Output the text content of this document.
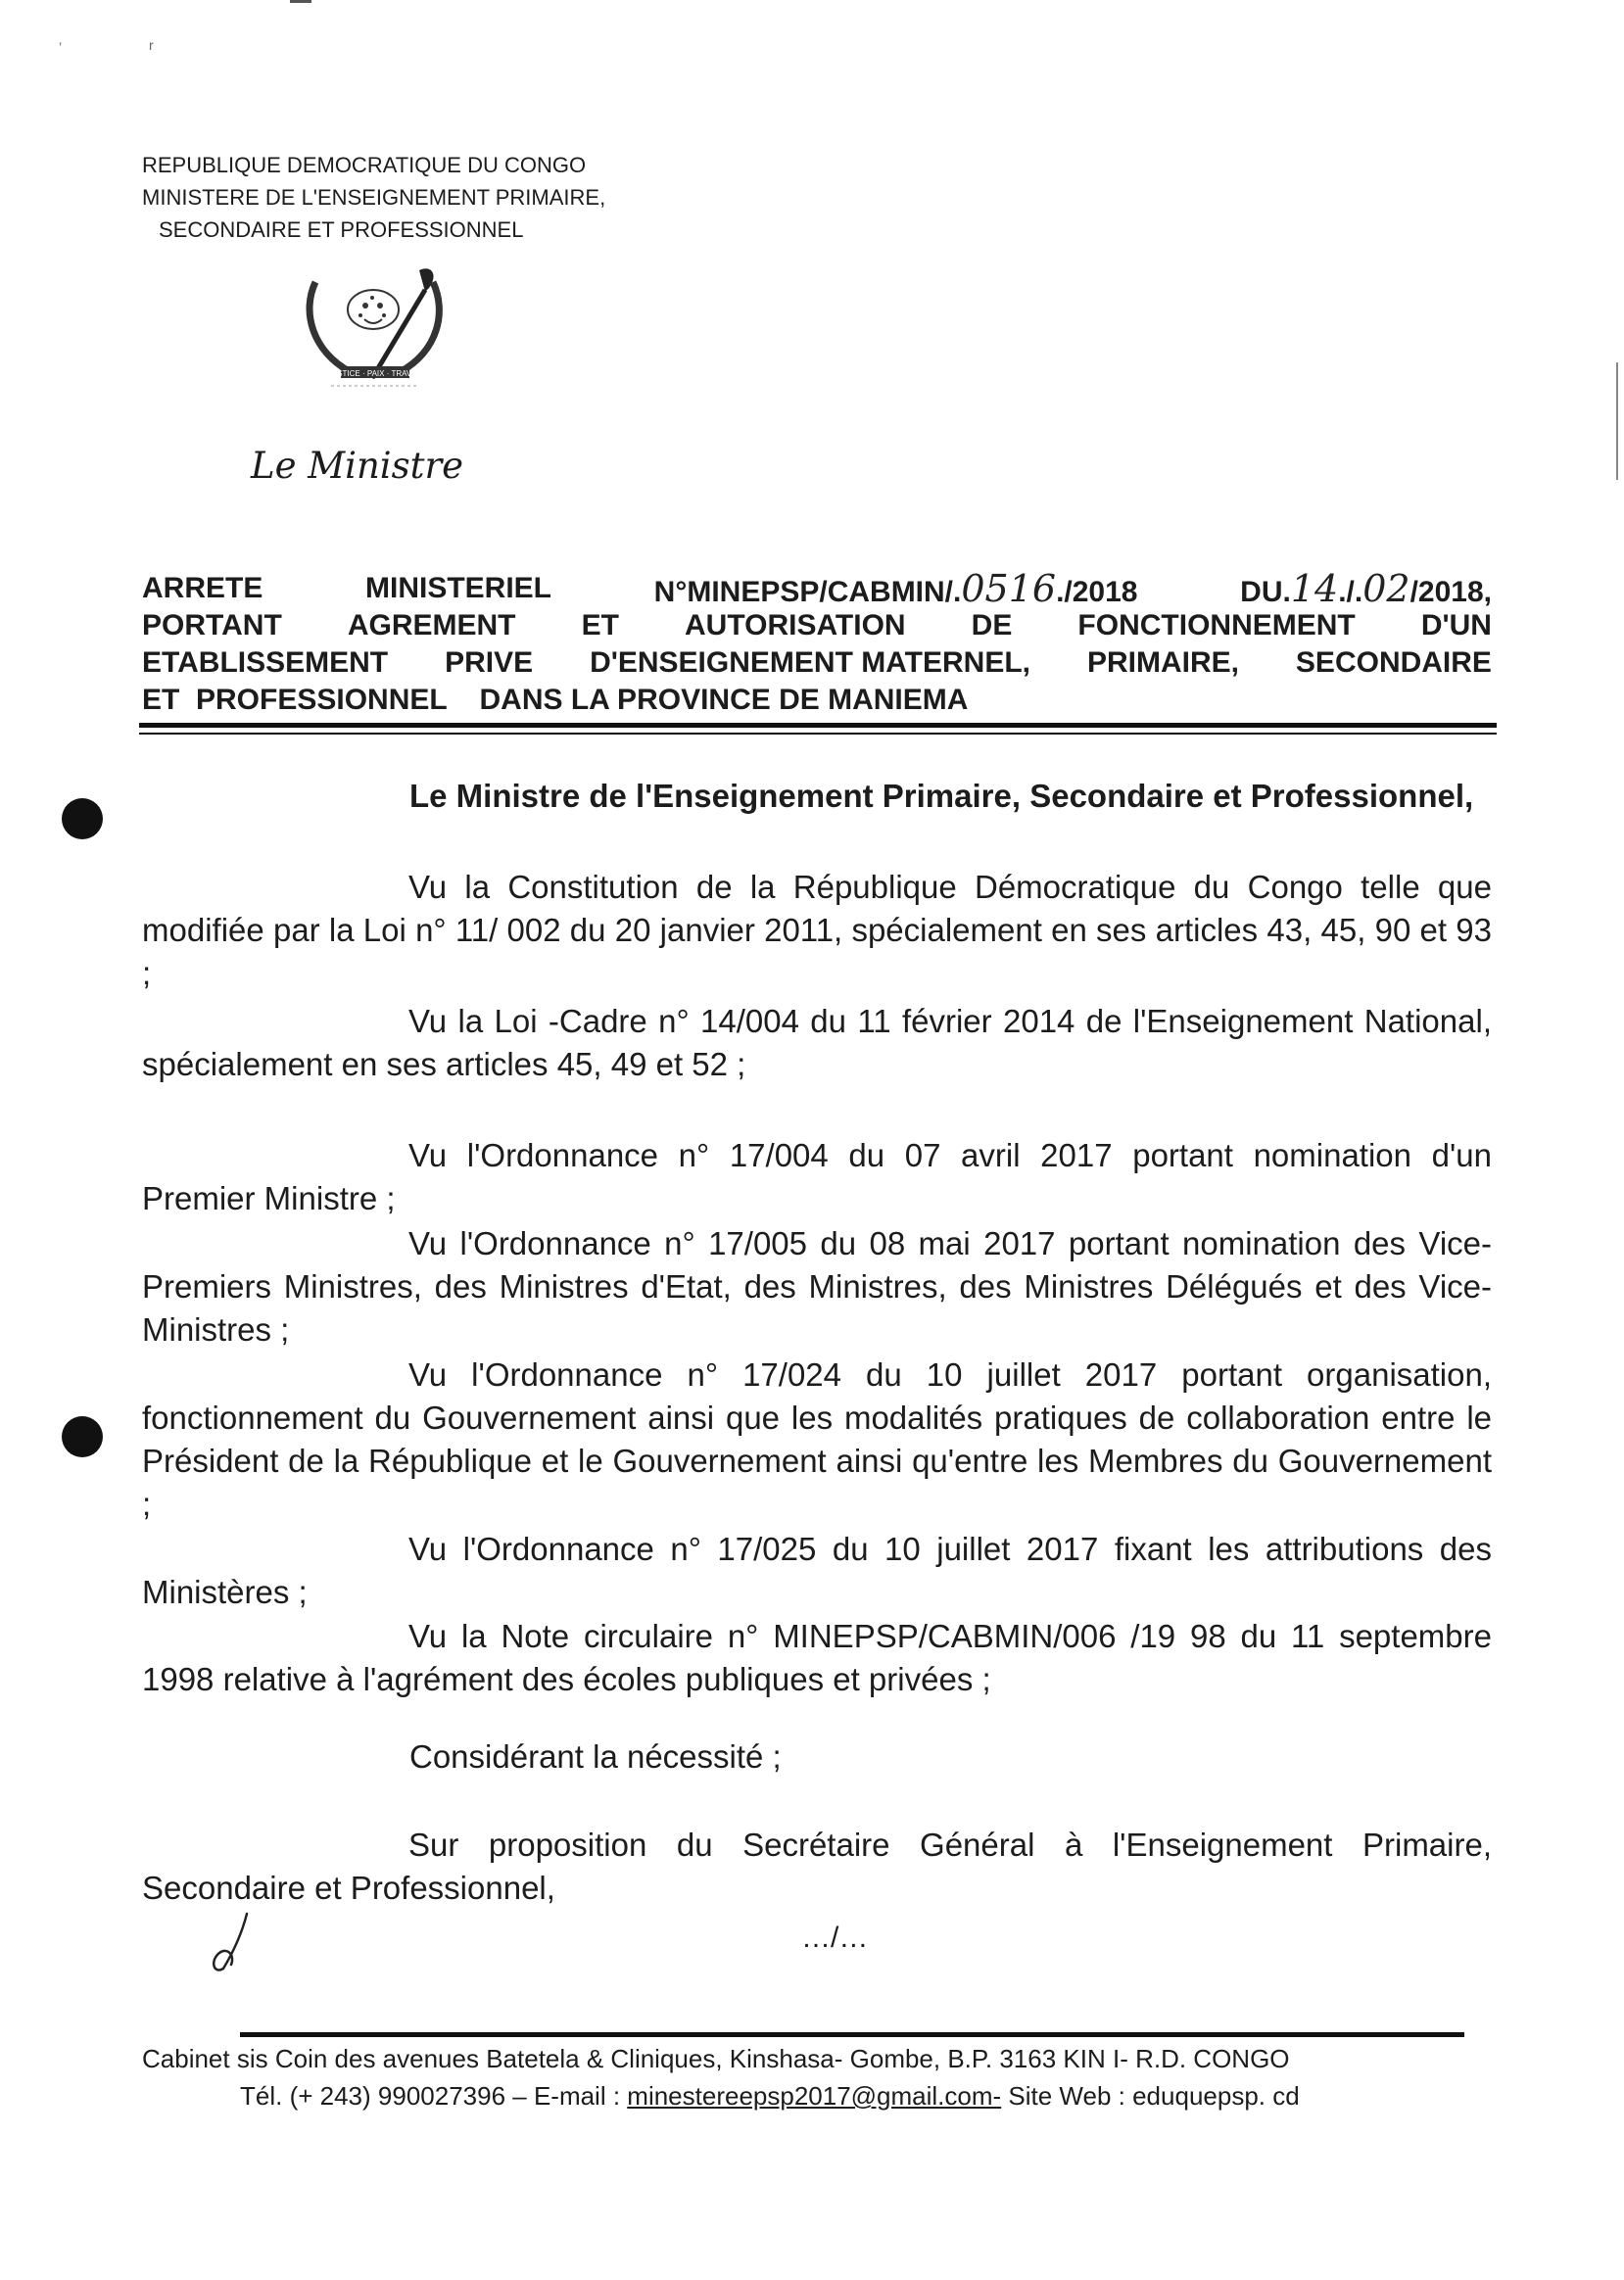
’	r
REPUBLIQUE DEMOCRATIQUE DU CONGO
MINISTERE DE L'ENSEIGNEMENT PRIMAIRE,
SECONDAIRE ET PROFESSIONNEL
JUSTICE · PAIX · TRAVAIL
Le Ministre
ARRETE	MINISTERIEL	N°MINEPSP/CABMIN/.0516./2018	DU.14./.02/2018,
PORTANT AGREMENT ET AUTORISATION DE FONCTIONNEMENT D'UN
ETABLISSEMENT PRIVE D'ENSEIGNEMENT MATERNEL, PRIMAIRE, SECONDAIRE
ET  PROFESSIONNEL    DANS LA PROVINCE DE MANIEMA
Le Ministre de l'Enseignement Primaire, Secondaire et Professionnel,

Vu la Constitution de la République Démocratique du Congo telle que modifiée par la Loi n° 11/ 002 du 20 janvier 2011, spécialement en ses articles 43, 45, 90 et 93 ;

Vu la Loi -Cadre n° 14/004 du 11 février 2014 de l'Enseignement National, spécialement en ses articles 45, 49 et 52 ;

Vu l'Ordonnance n° 17/004 du 07 avril 2017 portant nomination d'un Premier Ministre ;

Vu l'Ordonnance n° 17/005 du 08 mai 2017 portant nomination des Vice-Premiers Ministres, des Ministres d'Etat, des Ministres, des Ministres Délégués et des Vice-Ministres ;

Vu l'Ordonnance n° 17/024 du 10 juillet 2017 portant organisation, fonctionnement du Gouvernement ainsi que les modalités pratiques de collaboration entre le Président de la République et le Gouvernement ainsi qu'entre les Membres du Gouvernement ;

Vu l'Ordonnance n° 17/025 du 10 juillet 2017 fixant les attributions des Ministères ;

Vu la Note circulaire n° MINEPSP/CABMIN/006 /19 98 du 11 septembre 1998 relative à l'agrément des écoles publiques et privées ;

Considérant la nécessité ;

Sur proposition du Secrétaire Général à l'Enseignement Primaire, Secondaire et Professionnel,

…/…
Cabinet sis Coin des avenues Batetela & Cliniques, Kinshasa- Gombe, B.P. 3163 KIN I- R.D. CONGO
Tél. (+ 243) 990027396 – E-mail : minestereepsp2017@gmail.com- Site Web : eduquepsp. cd
